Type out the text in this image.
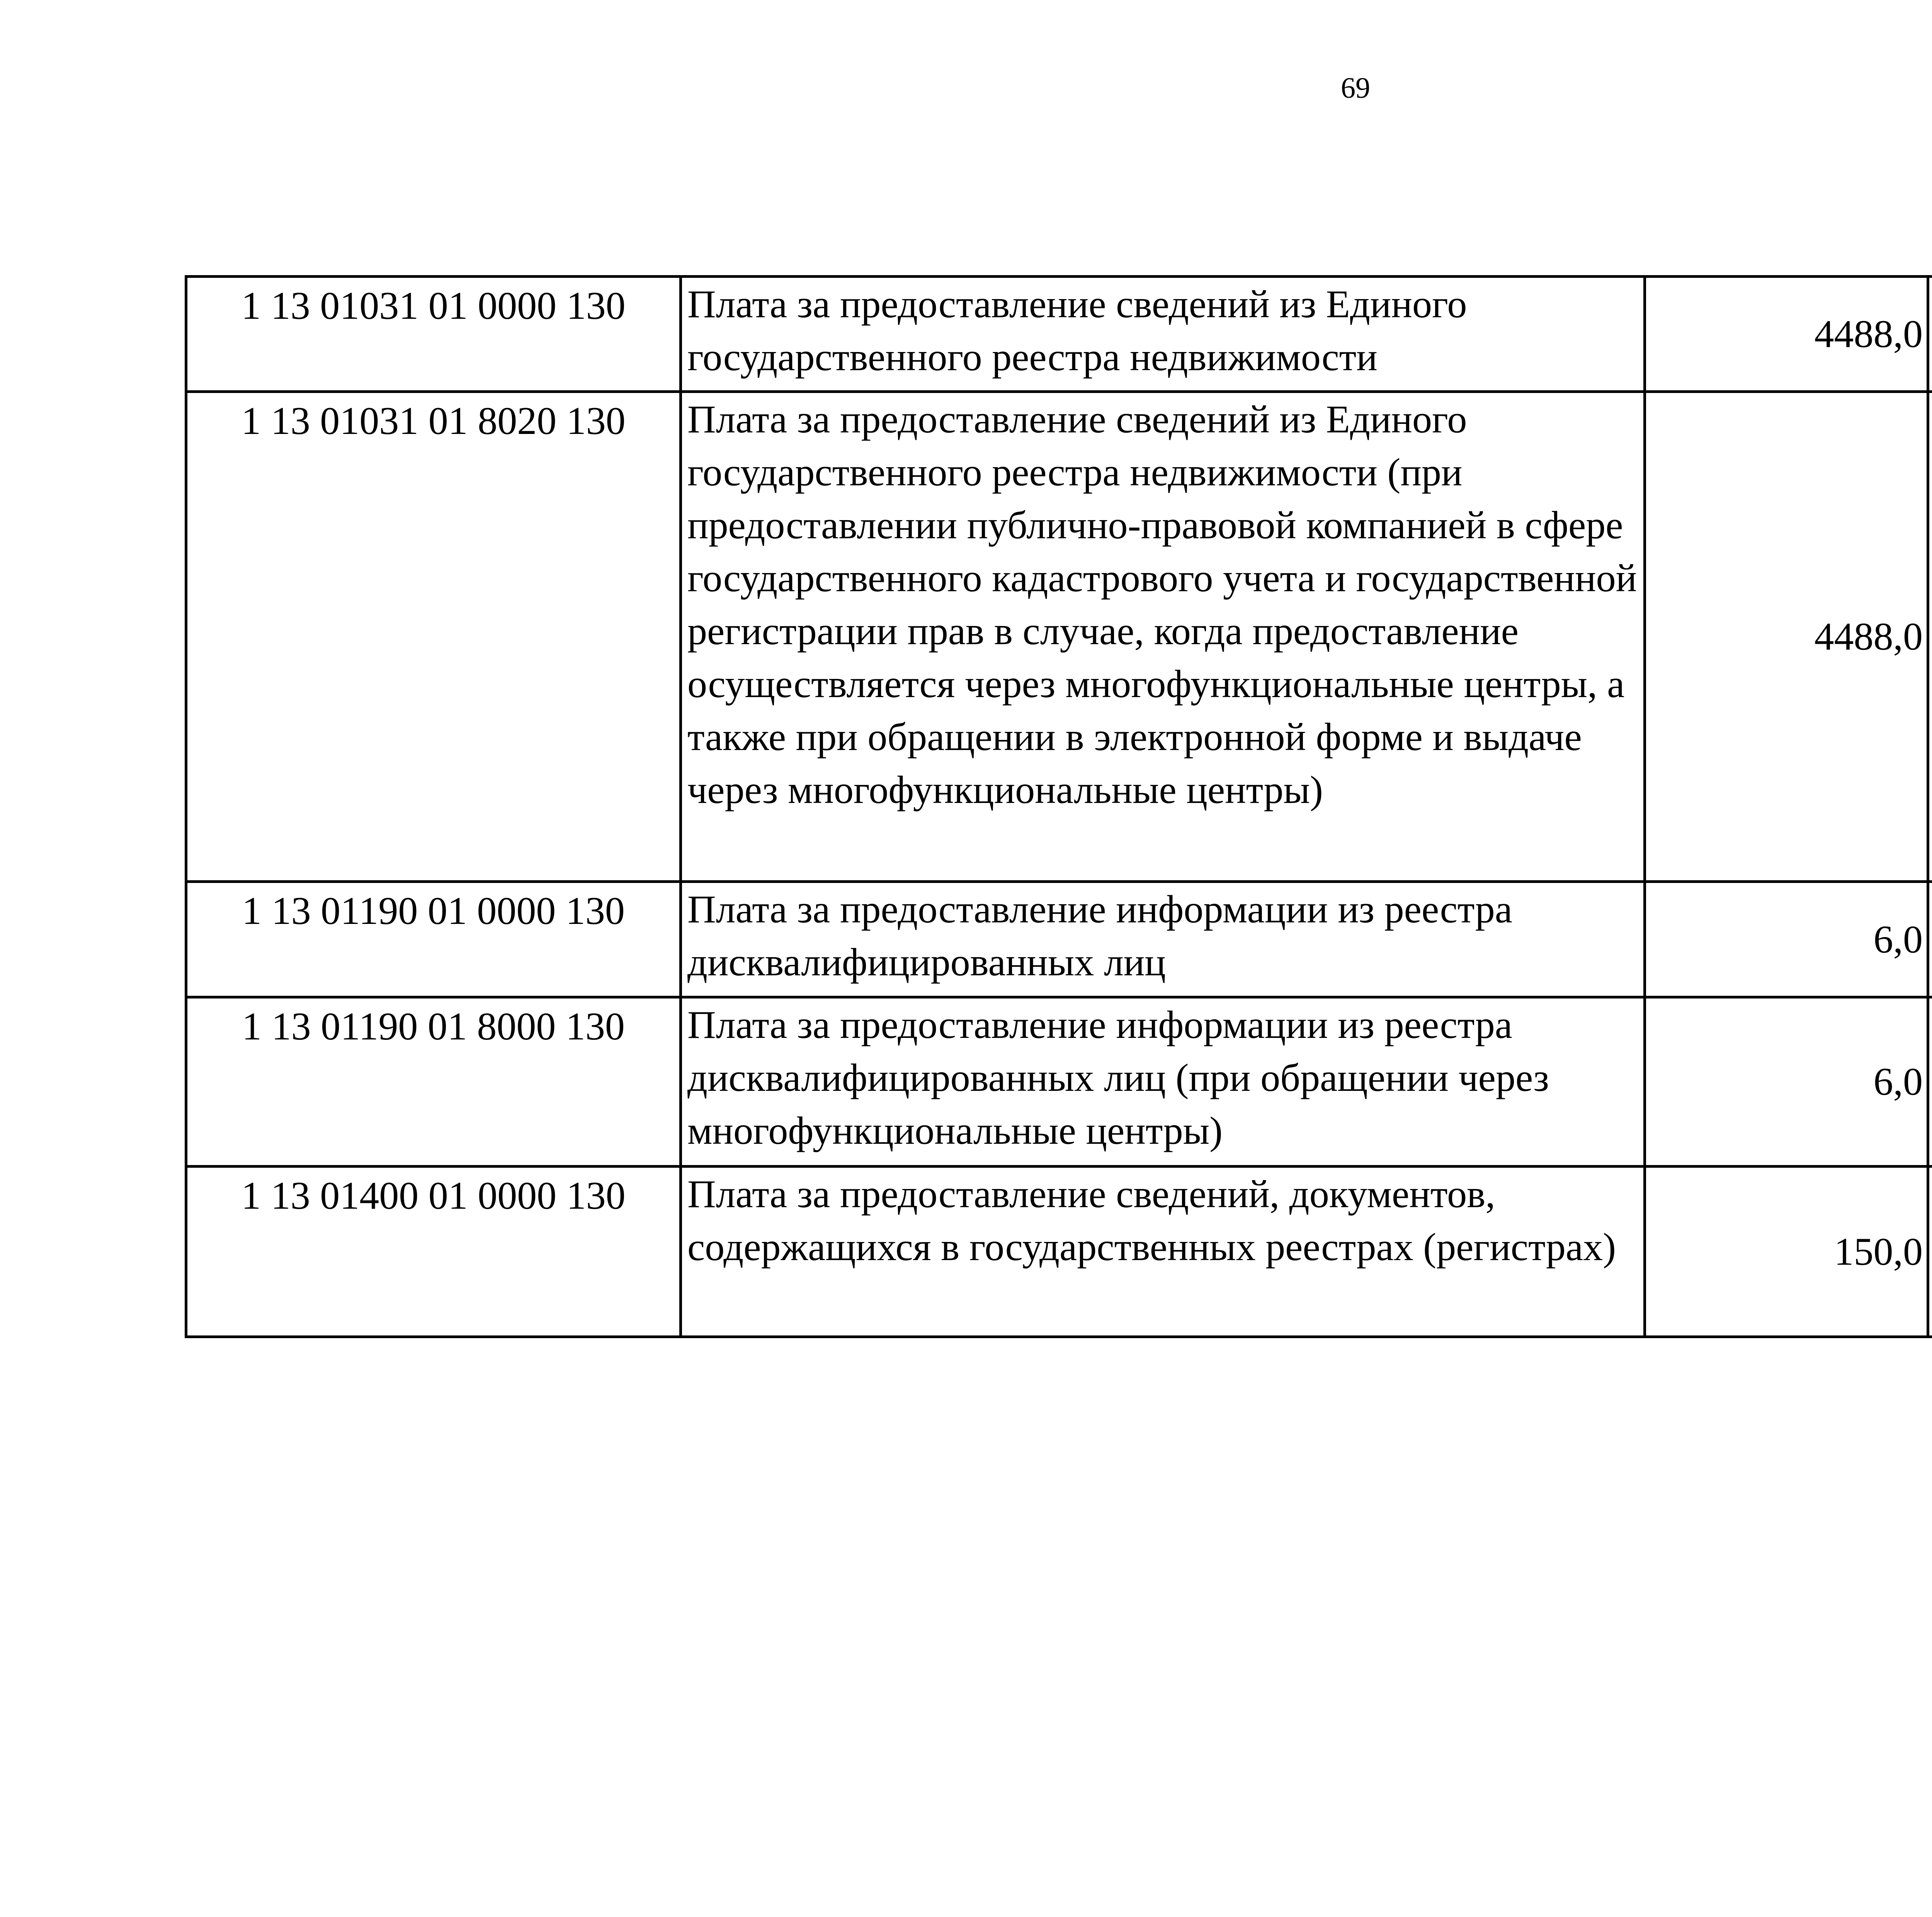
69
1 13 01031 01 0000 130	Плата за предоставление сведений из Единого государственного реестра недвижимости	4488,0		
1 13 01031 01 8020 130	Плата за предоставление сведений из Единого государственного реестра недвижимости (при предоставлении публично-правовой компанией в сфере государственного кадастрового учета и государственной регистрации прав в случае, когда предоставление осуществляется через многофункциональные центры, а также при обращении в электронной форме и выдаче через многофункциональные центры)	4488,0		
1 13 01190 01 0000 130	Плата за предоставление информации из реестра дисквалифицированных лиц	6,0		
1 13 01190 01 8000 130	Плата за предоставление информации из реестра дисквалифицированных лиц (при обращении через многофункциональные центры)	6,0		
1 13 01400 01 0000 130	Плата за предоставление сведений, документов, содержащихся в государственных реестрах (регистрах)	150,0		
